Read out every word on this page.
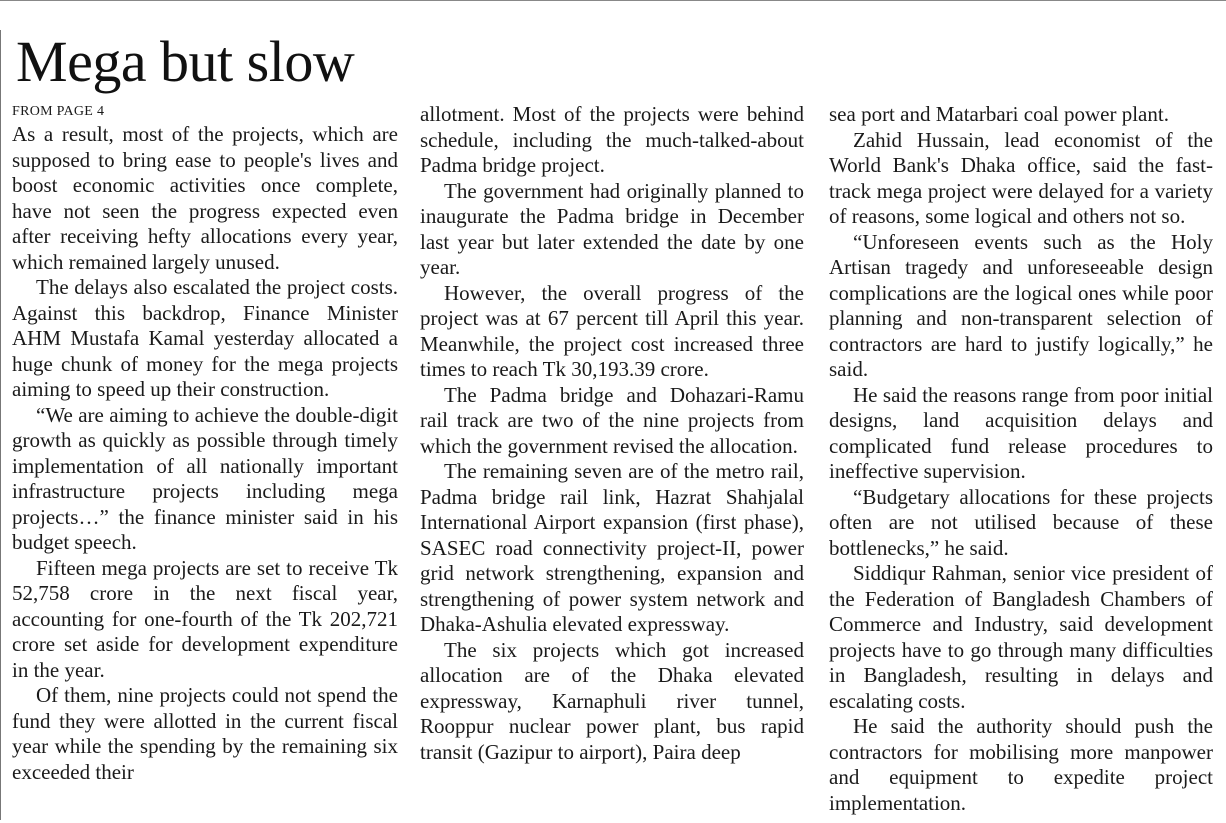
Mega but slow
FROM PAGE 4

As a result, most of the projects, which are supposed to bring ease to people's lives and boost economic activities once complete, have not seen the progress expected even after receiving hefty allocations every year, which remained largely unused.

The delays also escalated the project costs. Against this backdrop, Finance Minister AHM Mustafa Kamal yesterday allocated a huge chunk of money for the mega projects aiming to speed up their construction.

“We are aiming to achieve the double-digit growth as quickly as possible through timely implementation of all nationally important infrastructure projects including mega projects…” the finance minister said in his budget speech.

Fifteen mega projects are set to receive Tk 52,758 crore in the next fiscal year, accounting for one-fourth of the Tk 202,721 crore set aside for development expenditure in the year.

Of them, nine projects could not spend the fund they were allotted in the current fiscal year while the spending by the remaining six exceeded their

allotment. Most of the projects were behind schedule, including the much-talked-about Padma bridge project.

The government had originally planned to inaugurate the Padma bridge in December last year but later extended the date by one year.

However, the overall progress of the project was at 67 percent till April this year. Meanwhile, the project cost increased three times to reach Tk 30,193.39 crore.

The Padma bridge and Dohazari-Ramu rail track are two of the nine projects from which the government revised the allocation.

The remaining seven are of the metro rail, Padma bridge rail link, Hazrat Shahjalal International Airport expansion (first phase), SASEC road connectivity project-II, power grid network strengthening, expansion and strengthening of power system network and Dhaka-Ashulia elevated expressway.

The six projects which got increased allocation are of the Dhaka elevated expressway, Karnaphuli river tunnel, Rooppur nuclear power plant, bus rapid transit (Gazipur to airport), Paira deep

sea port and Matarbari coal power plant.

Zahid Hussain, lead economist of the World Bank's Dhaka office, said the fast-track mega project were delayed for a variety of reasons, some logical and others not so.

“Unforeseen events such as the Holy Artisan tragedy and unforeseeable design complications are the logical ones while poor planning and non-transparent selection of contractors are hard to justify logically,” he said.

He said the reasons range from poor initial designs, land acquisition delays and complicated fund release procedures to ineffective supervision.

“Budgetary allocations for these projects often are not utilised because of these bottlenecks,” he said.

Siddiqur Rahman, senior vice president of the Federation of Bangladesh Chambers of Commerce and Industry, said development projects have to go through many difficulties in Bangladesh, resulting in delays and escalating costs.

He said the authority should push the contractors for mobilising more manpower and equipment to expedite project implementation.
